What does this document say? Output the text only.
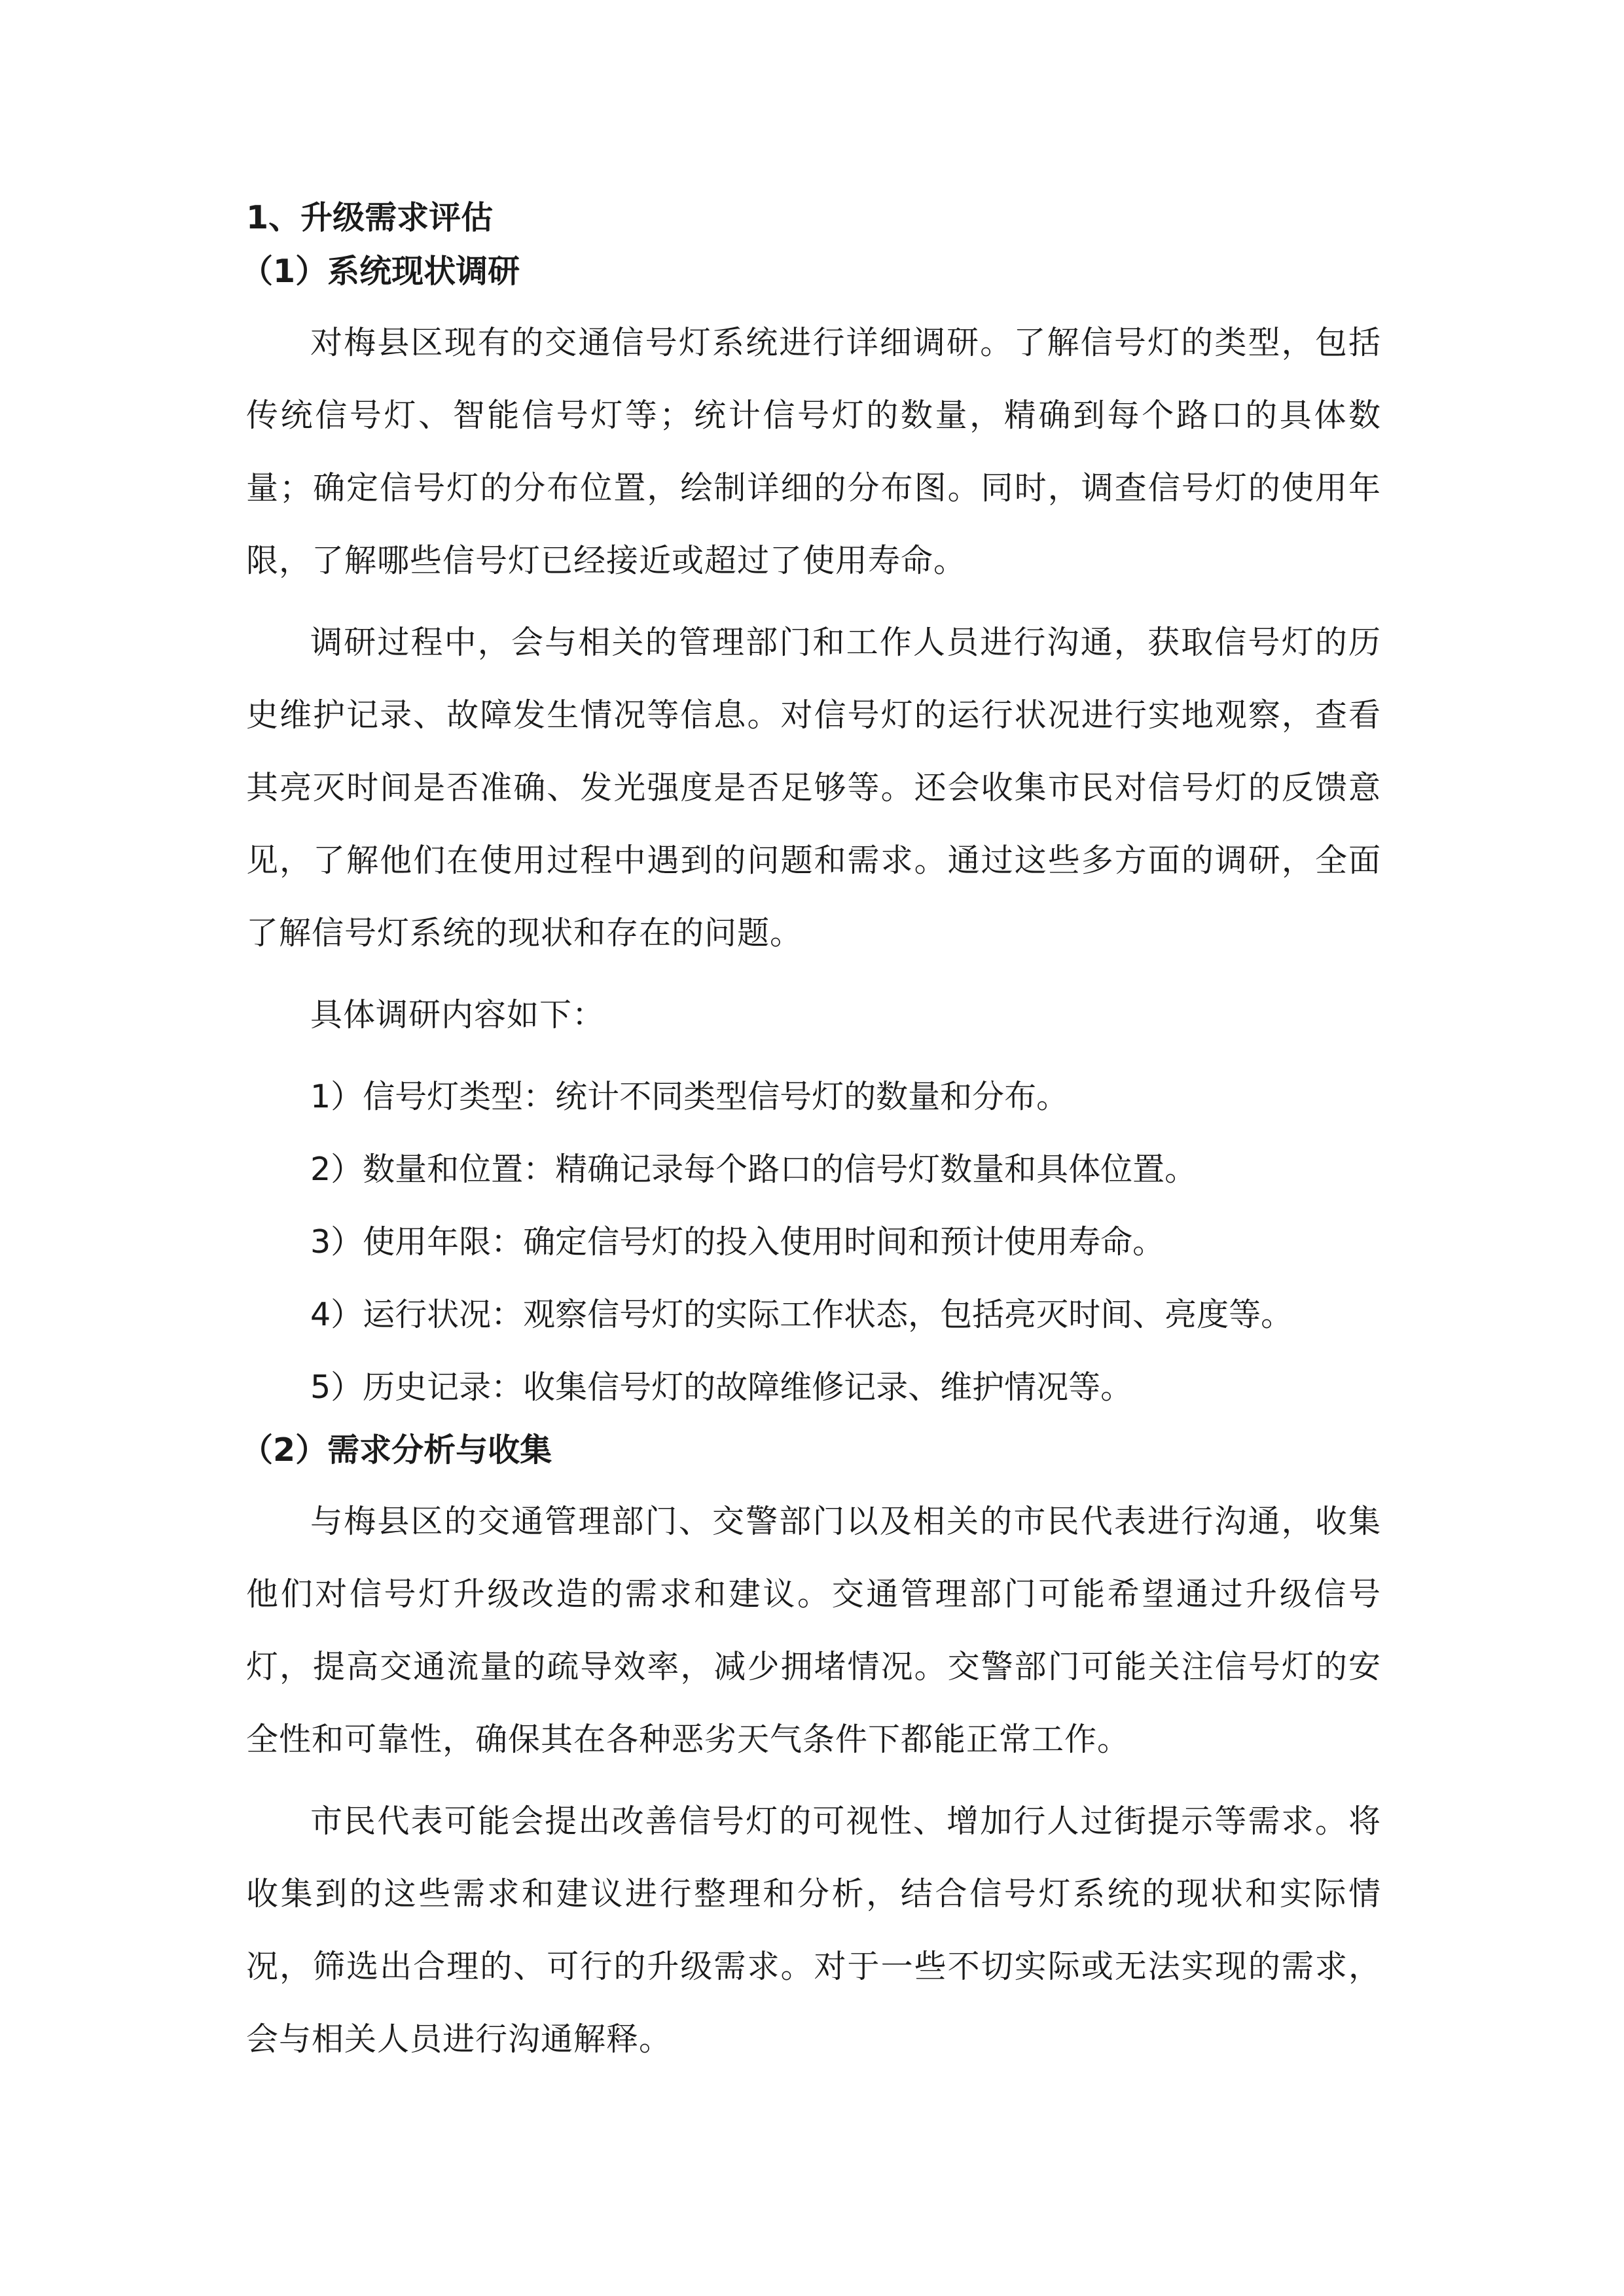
1、升级需求评估
（1）系统现状调研

对梅县区现有的交通信号灯系统进行详细调研。了解信号灯的类型，包括传统信号灯、智能信号灯等；统计信号灯的数量，精确到每个路口的具体数量；确定信号灯的分布位置，绘制详细的分布图。同时，调查信号灯的使用年限，了解哪些信号灯已经接近或超过了使用寿命。

调研过程中，会与相关的管理部门和工作人员进行沟通，获取信号灯的历史维护记录、故障发生情况等信息。对信号灯的运行状况进行实地观察，查看其亮灭时间是否准确、发光强度是否足够等。还会收集市民对信号灯的反馈意见，了解他们在使用过程中遇到的问题和需求。通过这些多方面的调研，全面了解信号灯系统的现状和存在的问题。

具体调研内容如下：

1）信号灯类型：统计不同类型信号灯的数量和分布。

2）数量和位置：精确记录每个路口的信号灯数量和具体位置。

3）使用年限：确定信号灯的投入使用时间和预计使用寿命。

4）运行状况：观察信号灯的实际工作状态，包括亮灭时间、亮度等。

5）历史记录：收集信号灯的故障维修记录、维护情况等。

（2）需求分析与收集

与梅县区的交通管理部门、交警部门以及相关的市民代表进行沟通，收集他们对信号灯升级改造的需求和建议。交通管理部门可能希望通过升级信号灯，提高交通流量的疏导效率，减少拥堵情况。交警部门可能关注信号灯的安全性和可靠性，确保其在各种恶劣天气条件下都能正常工作。

市民代表可能会提出改善信号灯的可视性、增加行人过街提示等需求。将收集到的这些需求和建议进行整理和分析，结合信号灯系统的现状和实际情况，筛选出合理的、可行的升级需求。对于一些不切实际或无法实现的需求，会与相关人员进行沟通解释。
